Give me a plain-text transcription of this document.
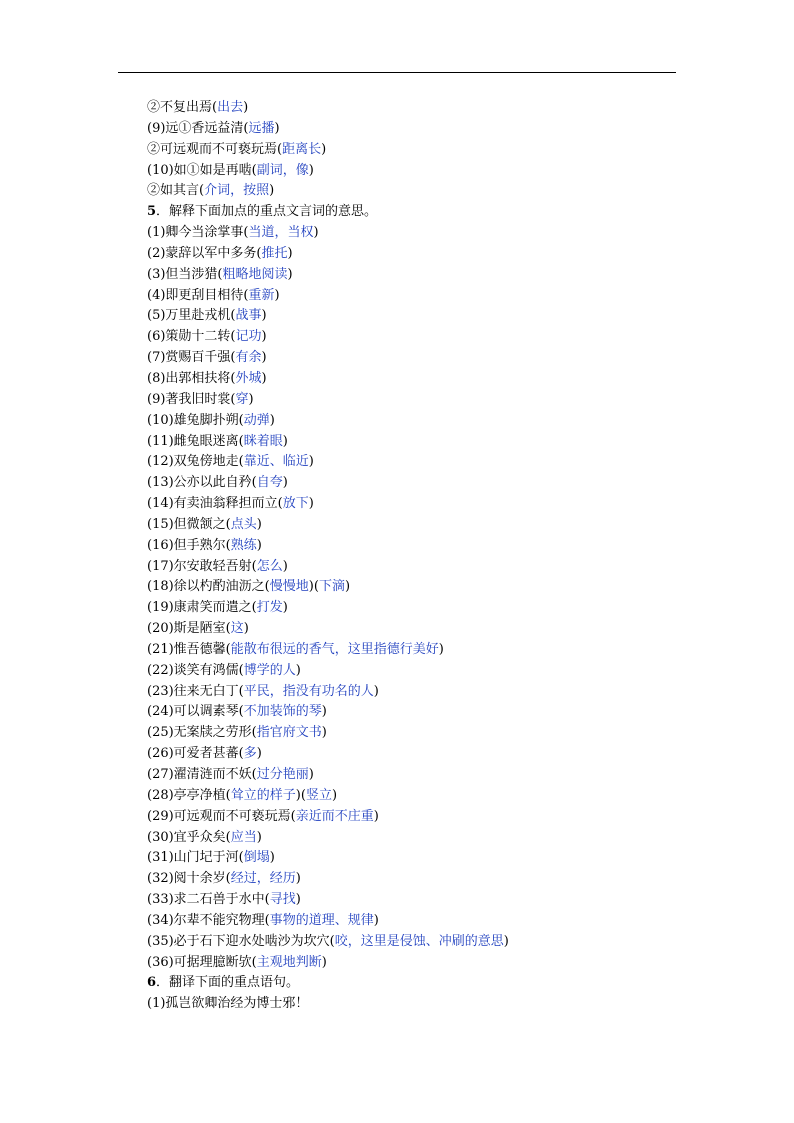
②不复出焉(出去)
(9)远①香远益清(远播)
②可远观而不可亵玩焉(距离长)
(10)如①如是再啮(副词，像)
②如其言(介词，按照)
5．解释下面加点的重点文言词的意思。
(1)卿今当涂掌事(当道，当权)
(2)蒙辞以军中多务(推托)
(3)但当涉猎(粗略地阅读)
(4)即更刮目相待(重新)
(5)万里赴戎机(战事)
(6)策勋十二转(记功)
(7)赏赐百千强(有余)
(8)出郭相扶将(外城)
(9)著我旧时裳(穿)
(10)雄兔脚扑朔(动弹)
(11)雌兔眼迷离(眯着眼)
(12)双兔傍地走(靠近、临近)
(13)公亦以此自矜(自夸)
(14)有卖油翁释担而立(放下)
(15)但微颔之(点头)
(16)但手熟尔(熟练)
(17)尔安敢轻吾射(怎么)
(18)徐以杓酌油沥之(慢慢地)(下滴)
(19)康肃笑而遣之(打发)
(20)斯是陋室(这)
(21)惟吾德馨(能散布很远的香气，这里指德行美好)
(22)谈笑有鸿儒(博学的人)
(23)往来无白丁(平民，指没有功名的人)
(24)可以调素琴(不加装饰的琴)
(25)无案牍之劳形(指官府文书)
(26)可爱者甚蕃(多)
(27)濯清涟而不妖(过分艳丽)
(28)亭亭净植(耸立的样子)(竖立)
(29)可远观而不可亵玩焉(亲近而不庄重)
(30)宜乎众矣(应当)
(31)山门圮于河(倒塌)
(32)阅十余岁(经过，经历)
(33)求二石兽于水中(寻找)
(34)尔辈不能究物理(事物的道理、规律)
(35)必于石下迎水处啮沙为坎穴(咬，这里是侵蚀、冲刷的意思)
(36)可据理臆断欤(主观地判断)
6．翻译下面的重点语句。
(1)孤岂欲卿治经为博士邪！
